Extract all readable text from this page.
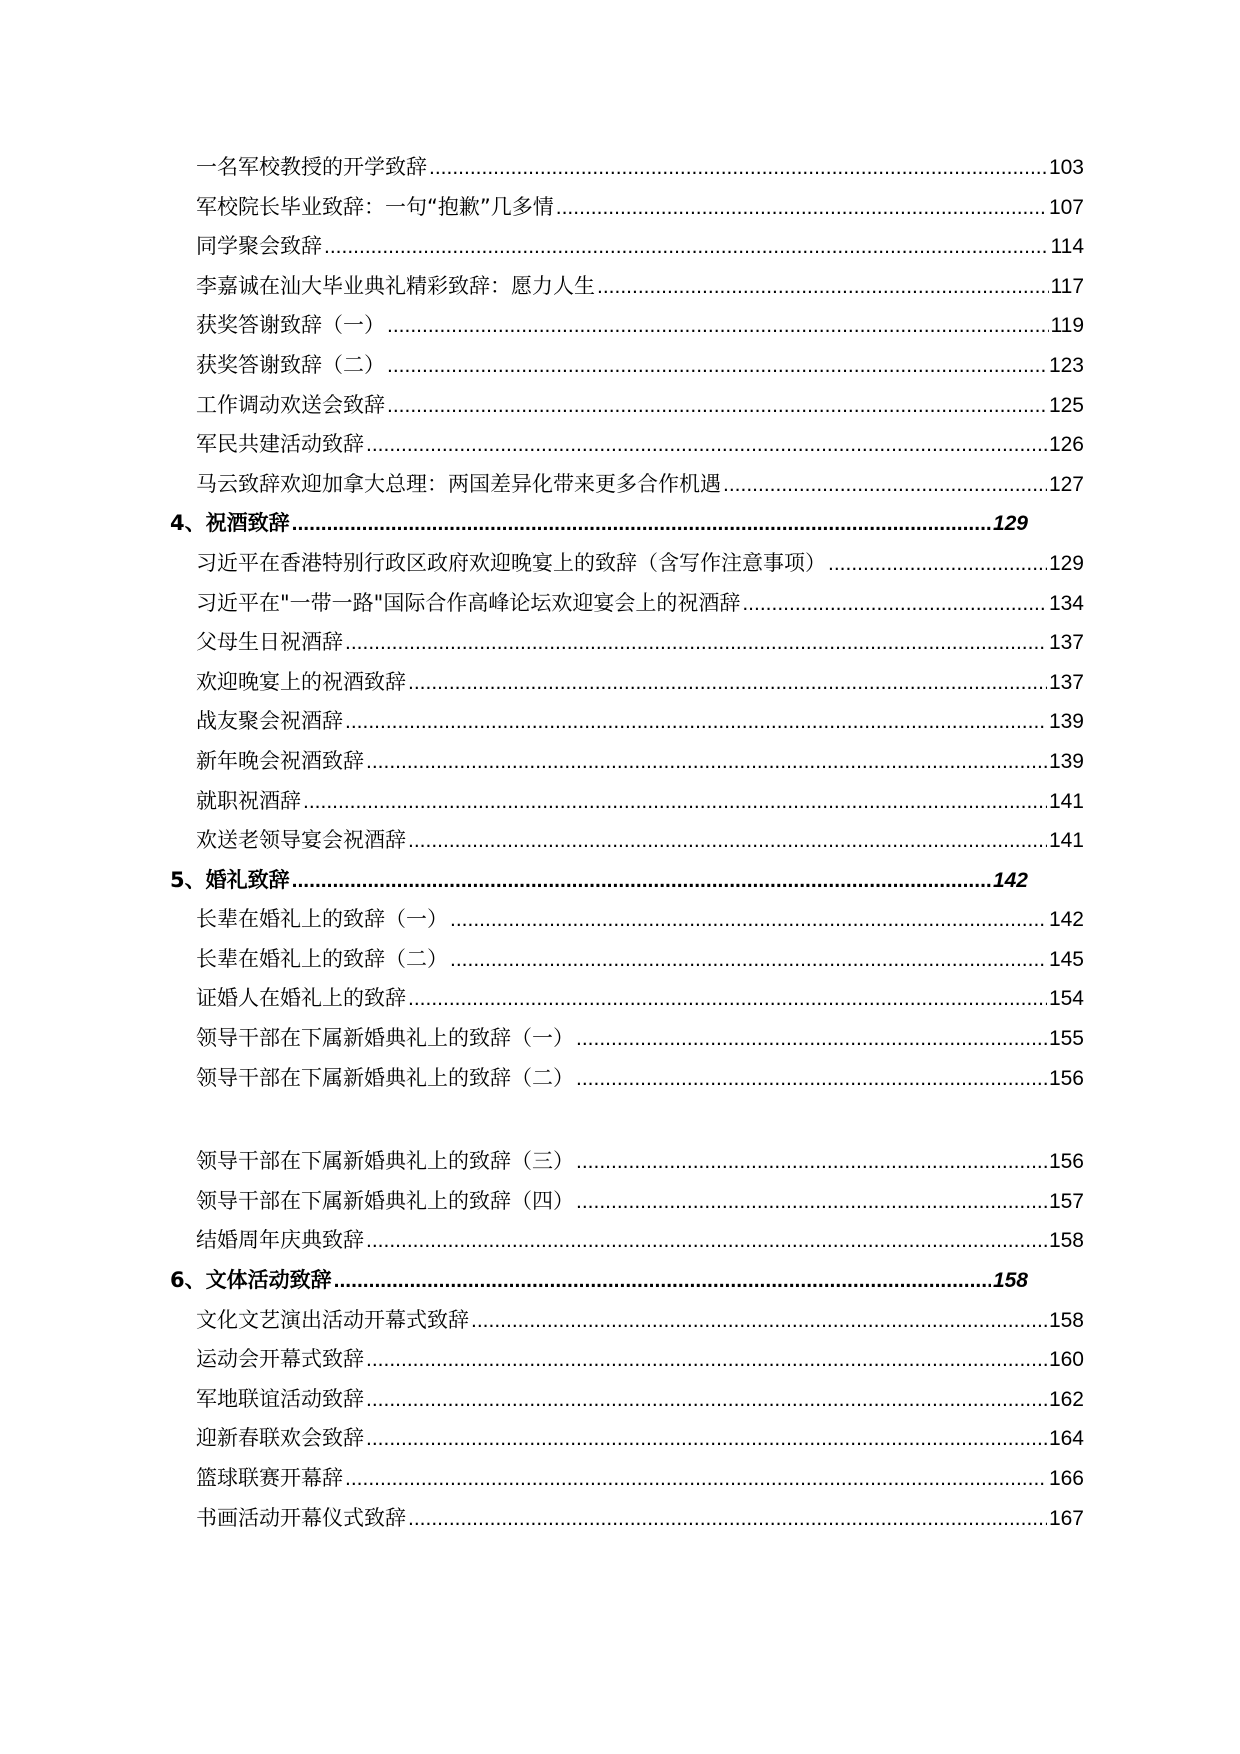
一名军校教授的开学致辞 .....	103
军校院长毕业致辞：一句“抱歉”几多情 .....	107
同学聚会致辞 .....	114
李嘉诚在汕大毕业典礼精彩致辞：愿力人生 .....	117
获奖答谢致辞（一） .....	119
获奖答谢致辞（二） .....	123
工作调动欢送会致辞 .....	125
军民共建活动致辞 .....	126
马云致辞欢迎加拿大总理：两国差异化带来更多合作机遇 .....	127
4、祝酒致辞 .....	129
习近平在香港特别行政区政府欢迎晚宴上的致辞（含写作注意事项） .....	129
习近平在"一带一路"国际合作高峰论坛欢迎宴会上的祝酒辞 .....	134
父母生日祝酒辞 .....	137
欢迎晚宴上的祝酒致辞 .....	137
战友聚会祝酒辞 .....	139
新年晚会祝酒致辞 .....	139
就职祝酒辞 .....	141
欢送老领导宴会祝酒辞 .....	141
5、婚礼致辞 .....	142
长辈在婚礼上的致辞（一） .....	142
长辈在婚礼上的致辞（二） .....	145
证婚人在婚礼上的致辞 .....	154
领导干部在下属新婚典礼上的致辞（一） .....	155
领导干部在下属新婚典礼上的致辞（二） .....	156
领导干部在下属新婚典礼上的致辞（三） .....	156
领导干部在下属新婚典礼上的致辞（四） .....	157
结婚周年庆典致辞 .....	158
6、文体活动致辞 .....	158
文化文艺演出活动开幕式致辞 .....	158
运动会开幕式致辞 .....	160
军地联谊活动致辞 .....	162
迎新春联欢会致辞 .....	164
篮球联赛开幕辞 .....	166
书画活动开幕仪式致辞 .....	167
